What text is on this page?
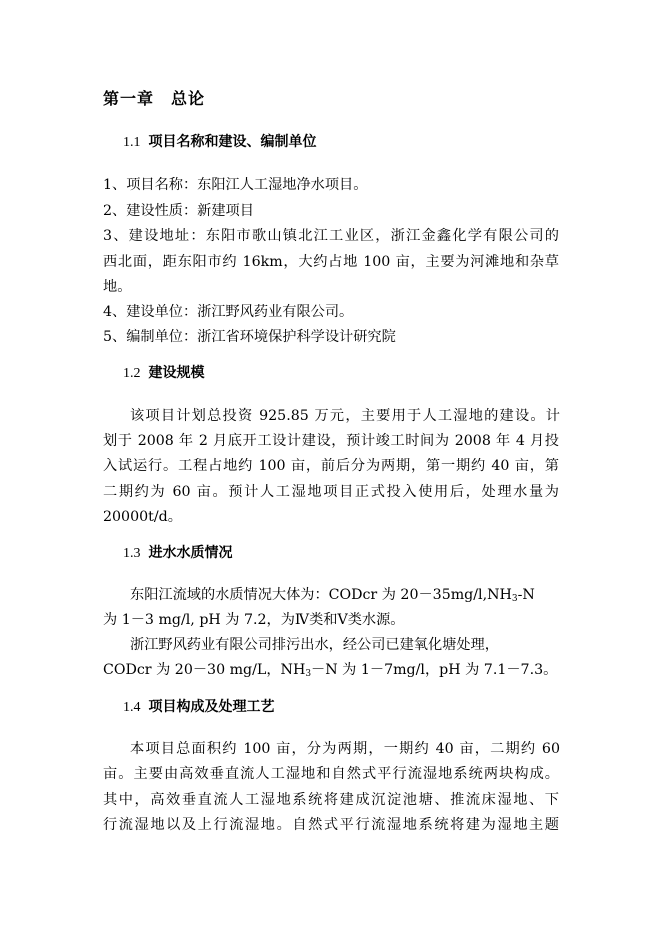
第一章　总论
1.1 项目名称和建设、编制单位
1、项目名称：东阳江人工湿地净水项目。
2、建设性质：新建项目
3、建设地址：东阳市歌山镇北江工业区，浙江金鑫化学有限公司的
西北面，距东阳市约 16km，大约占地 100 亩，主要为河滩地和杂草
地。
4、建设单位：浙江野风药业有限公司。
5、编制单位：浙江省环境保护科学设计研究院
1.2 建设规模
该项目计划总投资 925.85 万元，主要用于人工湿地的建设。计
划于 2008 年 2 月底开工设计建设，预计竣工时间为 2008 年 4 月投
入试运行。工程占地约 100 亩，前后分为两期，第一期约 40 亩，第
二期约为 60 亩。预计人工湿地项目正式投入使用后，处理水量为
20000t/d。
1.3 进水水质情况
东阳江流域的水质情况大体为：CODcr 为 $20-35mg/l,NH_3-N$
为 1－3 mg/l, pH 为 7.2，为Ⅳ类和Ⅴ类水源。
浙江野风药业有限公司排污出水，经公司已建氧化塘处理，
CODcr 为 20－30 mg/L，$NH_3-N$ 为 1－7mg/l，pH 为 7.1－7.3。
1.4 项目构成及处理工艺
本项目总面积约 100 亩，分为两期，一期约 40 亩，二期约 60
亩。主要由高效垂直流人工湿地和自然式平行流湿地系统两块构成。
其中，高效垂直流人工湿地系统将建成沉淀池塘、推流床湿地、下
行流湿地以及上行流湿地。自然式平行流湿地系统将建为湿地主题
